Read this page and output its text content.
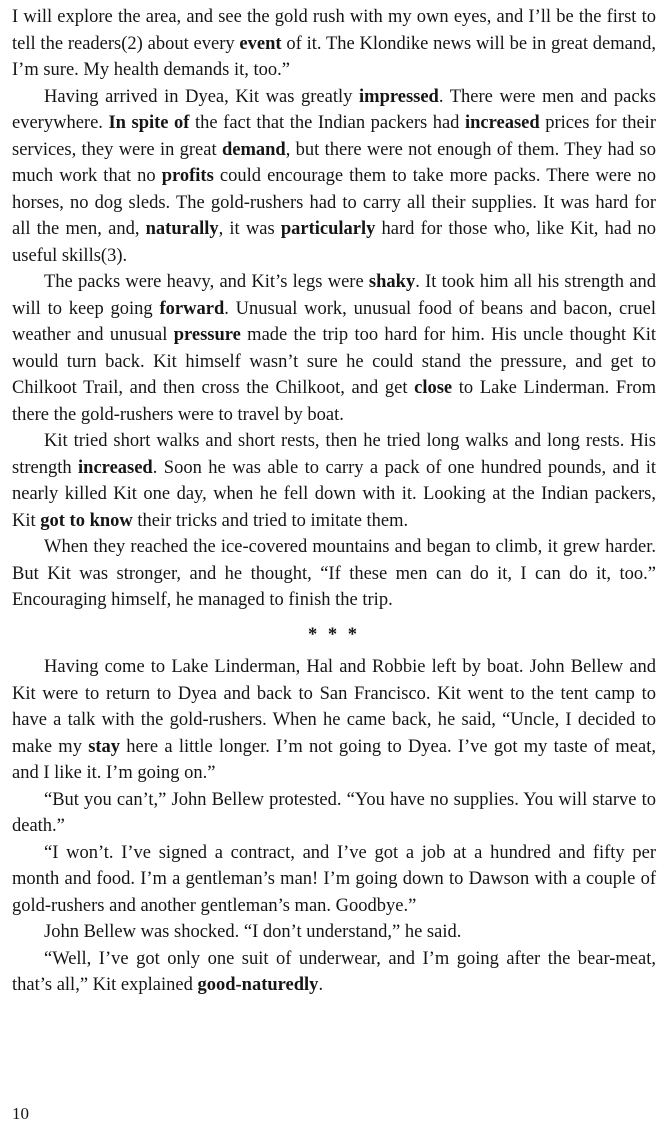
I will explore the area, and see the gold rush with my own eyes, and I’ll be the first to tell the readers(2) about every event of it. The Klondike news will be in great demand, I’m sure. My health demands it, too.”

Having arrived in Dyea, Kit was greatly impressed. There were men and packs everywhere. In spite of the fact that the Indian packers had increased prices for their services, they were in great demand, but there were not enough of them. They had so much work that no profits could encourage them to take more packs. There were no horses, no dog sleds. The gold-rushers had to carry all their supplies. It was hard for all the men, and, naturally, it was particularly hard for those who, like Kit, had no useful skills(3).

The packs were heavy, and Kit’s legs were shaky. It took him all his strength and will to keep going forward. Unusual work, unusual food of beans and bacon, cruel weather and unusual pressure made the trip too hard for him. His uncle thought Kit would turn back. Kit himself wasn’t sure he could stand the pressure, and get to Chilkoot Trail, and then cross the Chilkoot, and get close to Lake Linderman. From there the gold-rushers were to travel by boat.

Kit tried short walks and short rests, then he tried long walks and long rests. His strength increased. Soon he was able to carry a pack of one hundred pounds, and it nearly killed Kit one day, when he fell down with it. Looking at the Indian packers, Kit got to know their tricks and tried to imitate them.

When they reached the ice-covered mountains and began to climb, it grew harder. But Kit was stronger, and he thought, “If these men can do it, I can do it, too.” Encouraging himself, he managed to finish the trip.

* * *

Having come to Lake Linderman, Hal and Robbie left by boat. John Bellew and Kit were to return to Dyea and back to San Francisco. Kit went to the tent camp to have a talk with the gold-rushers. When he came back, he said, “Uncle, I decided to make my stay here a little longer. I’m not going to Dyea. I’ve got my taste of meat, and I like it. I’m going on.”

“But you can’t,” John Bellew protested. “You have no supplies. You will starve to death.”

“I won’t. I’ve signed a contract, and I’ve got a job at a hundred and fifty per month and food. I’m a gentleman’s man! I’m going down to Dawson with a couple of gold-rushers and another gentleman’s man. Goodbye.”

John Bellew was shocked. “I don’t understand,” he said.

“Well, I’ve got only one suit of underwear, and I’m going after the bear-meat, that’s all,” Kit explained good-naturedly.

10
